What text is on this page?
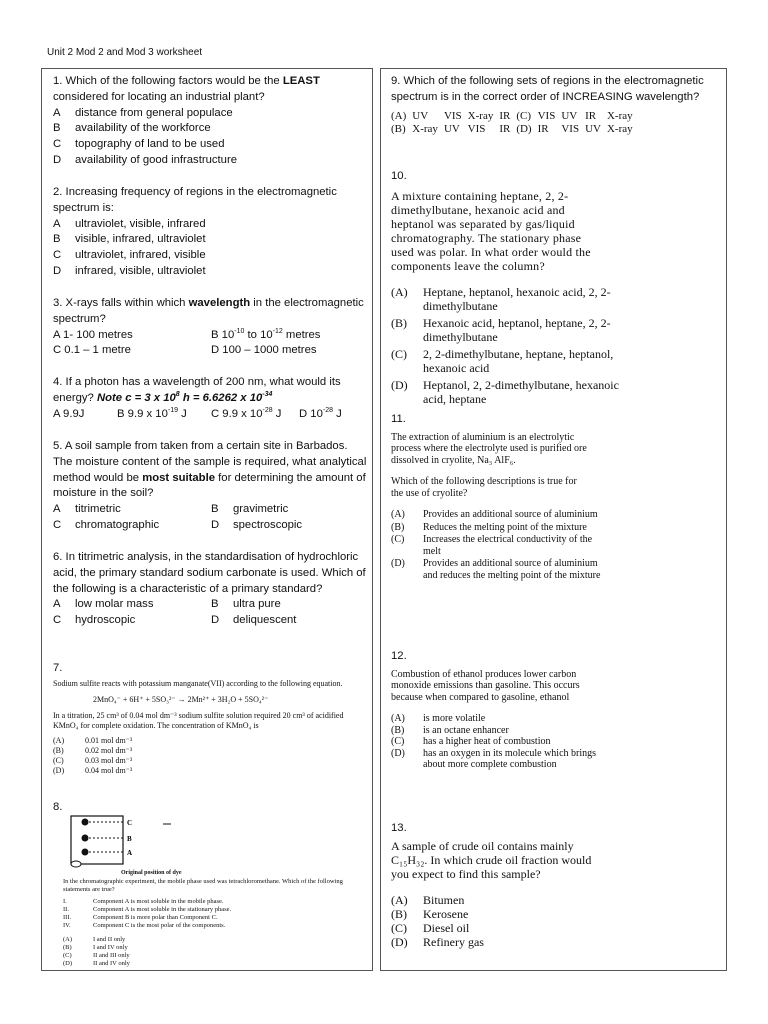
Unit 2 Mod 2 and Mod 3 worksheet
1. Which of the following factors would be the LEAST considered for locating an industrial plant?
A	distance from general populace
B	availability of the workforce
C	topography of land to be used
D	availability of good infrastructure
2. Increasing frequency of regions in the electromagnetic spectrum is:
A	ultraviolet, visible, infrared
B	visible, infrared, ultraviolet
C	ultraviolet, infrared, visible
D	infrared, visible, ultraviolet
3. X-rays falls within which wavelength in the electromagnetic spectrum?
A 1- 100 metres	B $10^{-10}$ to $10^{-12}$ metres
C 0.1 – 1 metre	D 100 – 1000 metres
4. If a photon has a wavelength of 200 nm, what would its energy? Note c = 3 x $10^8$ h = 6.6262 x $10^{-34}$
A 9.9J	B 9.9 x $10^{-19}$ J	C 9.9 x $10^{-28}$ J	D $10^{-28}$ J
5. A soil sample from taken from a certain site in Barbados. The moisture content of the sample is required, what analytical method would be most suitable for determining the amount of moisture in the soil?
A	titrimetric	B	gravimetric
C	chromatographic	D	spectroscopic
6. In titrimetric analysis, in the standardisation of hydrochloric acid, the primary standard sodium carbonate is used. Which of the following is a characteristic of a primary standard?
A	low molar mass	B	ultra pure
C	hydroscopic	D	deliquescent
7.
Sodium sulfite reacts with potassium manganate(VII) according to the following equation.
2MnO₄⁻ + 6H⁺ + 5SO₃²⁻ → 2Mn²⁺ + 3H₂O + 5SO₄²⁻
In a titration, 25 cm³ of 0.04 mol dm⁻³ sodium sulfite solution required 20 cm³ of acidified KMnO₄ for complete oxidation. The concentration of KMnO₄ is
(A)	0.01 mol dm⁻³
(B)	0.02 mol dm⁻³
(C)	0.03 mol dm⁻³
(D)	0.04 mol dm⁻³
8.
C
B
A
Original position of dye
In the chromatographic experiment, the mobile phase used was tetrachloromethane. Which of the following statements are true?
I.	Component A is most soluble in the mobile phase.
II.	Component A is most soluble in the stationary phase.
III.	Component B is more polar than Component C.
IV.	Component C is the most polar of the components.
(A)	I and II only
(B)	I and IV only
(C)	II and III only
(D)	II and IV only
9. Which of the following sets of regions in the electromagnetic spectrum is in the correct order of INCREASING wavelength?
(A)	UV	VIS	X-ray	IR	(C)	VIS	UV	IR	X-ray
(B)	X-ray	UV	VIS	IR	(D)	IR	VIS	UV	X-ray
10.
A mixture containing heptane, 2, 2-dimethylbutane, hexanoic acid and heptanol was separated by gas/liquid chromatography. The stationary phase used was polar. In what order would the components leave the column?
(A)	Heptane, heptanol, hexanoic acid, 2, 2-dimethylbutane
(B)	Hexanoic acid, heptanol, heptane, 2, 2-dimethylbutane
(C)	2, 2-dimethylbutane, heptane, heptanol, hexanoic acid
(D)	Heptanol, 2, 2-dimethylbutane, hexanoic acid, heptane
11.
The extraction of aluminium is an electrolytic process where the electrolyte used is purified ore dissolved in cryolite, Na₃ AlF₆.
Which of the following descriptions is true for the use of cryolite?
(A)	Provides an additional source of aluminium
(B)	Reduces the melting point of the mixture
(C)	Increases the electrical conductivity of the melt
(D)	Provides an additional source of aluminium and reduces the melting point of the mixture
12.
Combustion of ethanol produces lower carbon monoxide emissions than gasoline. This occurs because when compared to gasoline, ethanol
(A)	is more volatile
(B)	is an octane enhancer
(C)	has a higher heat of combustion
(D)	has an oxygen in its molecule which brings about more complete combustion
13.
A sample of crude oil contains mainly C₁₅H₃₂. In which crude oil fraction would you expect to find this sample?
(A)	Bitumen
(B)	Kerosene
(C)	Diesel oil
(D)	Refinery gas
